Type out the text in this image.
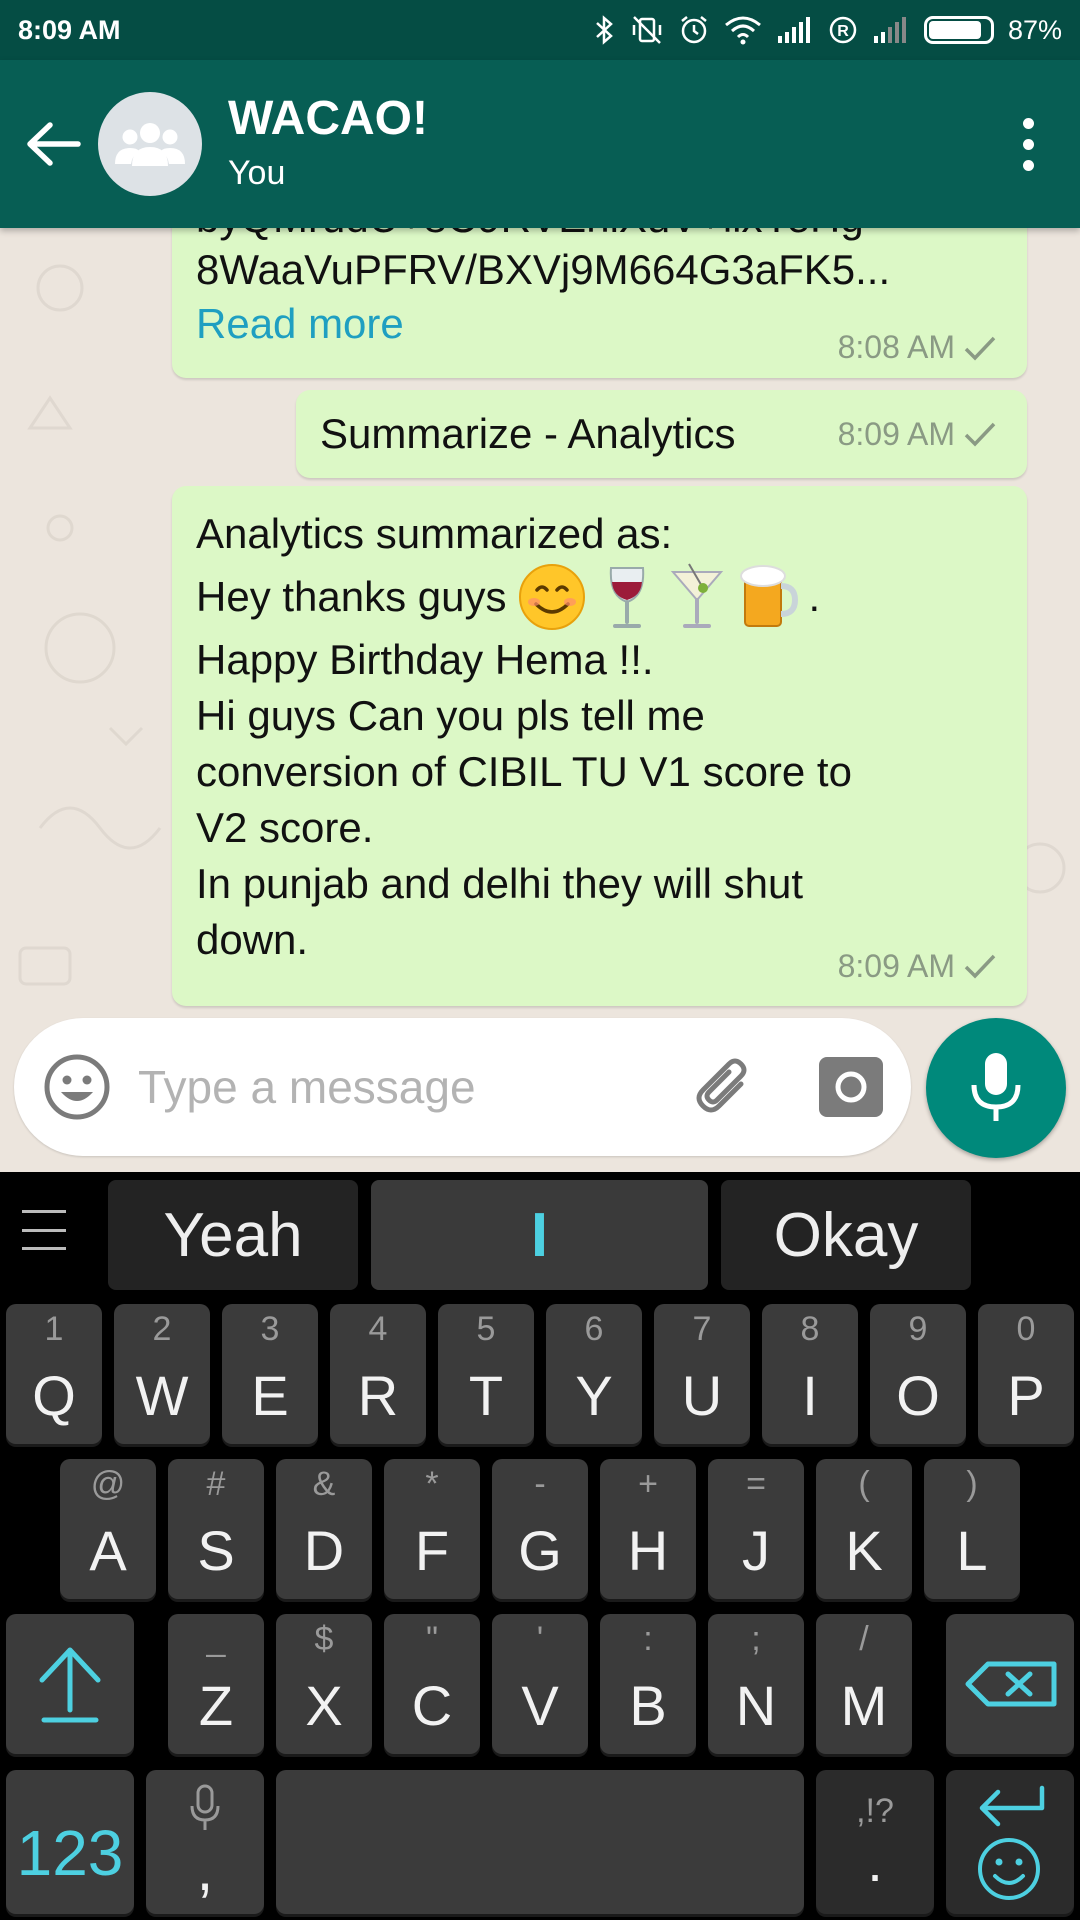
8:09 AM	R	87%
WACAO!
You
8WaaVuPFRV/BXVj9M664G3aFK5...
Read more	8:08 AM
Summarize - Analytics	8:09 AM
Analytics summarized as:
Hey thanks guys	.
Happy Birthday Hema !!.
Hi guys Can you pls tell me
conversion of CIBIL TU V1 score to
V2 score.
In punjab and delhi they will shut
down.
8:09 AM
Type a message
Yeah	I	Okay
123	,
,!?
.
1
Q
2
W
3
E
4
R
5
T
6
Y
7
U
8
I
9
O
0
P
@
A
#
S
&
D
*
F
-
G
+
H
=
J
(
K
)
L
_
Z
$
X
"
C
'
V
:
B
;
N
/
M
